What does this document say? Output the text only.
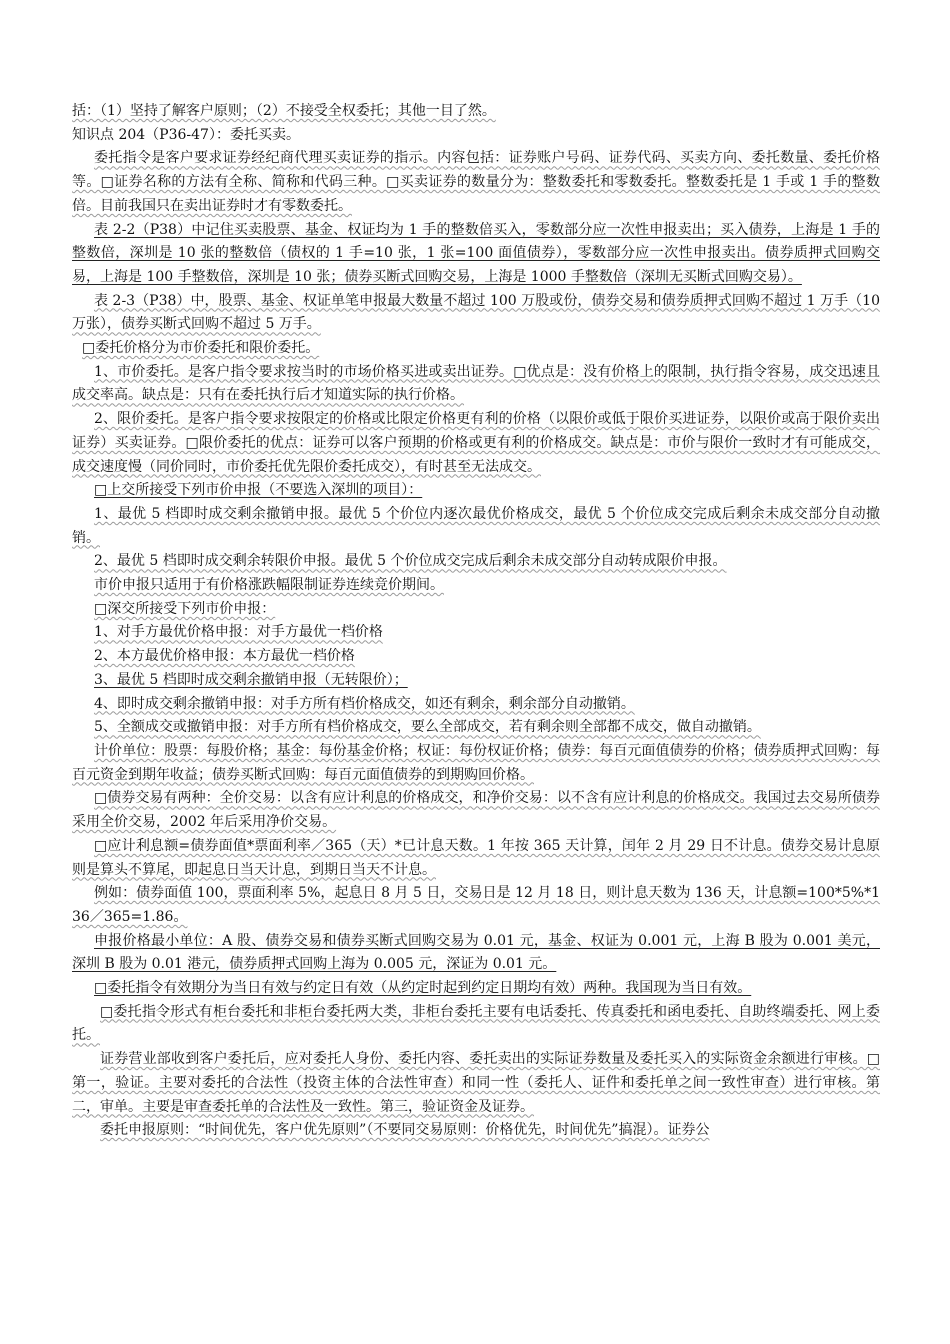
括：（1）坚持了解客户原则；（2）不接受全权委托；其他一目了然。

知识点 204（P36-47）：委托买卖。

委托指令是客户要求证券经纪商代理买卖证券的指示。内容包括：证券账户号码、证券代码、买卖方向、委托数量、委托价格等。□证券名称的方法有全称、简称和代码三种。□买卖证券的数量分为：整数委托和零数委托。整数委托是 1 手或 1 手的整数倍。目前我国只在卖出证券时才有零数委托。

表 2-2（P38）中记住买卖股票、基金、权证均为 1 手的整数倍买入，零数部分应一次性申报卖出；买入债券，上海是 1 手的整数倍，深圳是 10 张的整数倍（债权的 1 手=10 张，1 张=100 面值债券），零数部分应一次性申报卖出。债券质押式回购交易，上海是 100 手整数倍，深圳是 10 张；债券买断式回购交易，上海是 1000 手整数倍（深圳无买断式回购交易）。

表 2-3（P38）中，股票、基金、权证单笔申报最大数量不超过 100 万股或份，债券交易和债券质押式回购不超过 1 万手（10 万张），债券买断式回购不超过 5 万手。

□委托价格分为市价委托和限价委托。

1、市价委托。是客户指令要求按当时的市场价格买进或卖出证券。□优点是：没有价格上的限制，执行指令容易，成交迅速且成交率高。缺点是：只有在委托执行后才知道实际的执行价格。

2、限价委托。是客户指令要求按限定的价格或比限定价格更有利的价格（以限价或低于限价买进证券，以限价或高于限价卖出证券）买卖证券。□限价委托的优点：证券可以客户预期的价格或更有利的价格成交。缺点是：市价与限价一致时才有可能成交，成交速度慢（同价同时，市价委托优先限价委托成交），有时甚至无法成交。

□上交所接受下列市价申报（不要选入深圳的项目）：

1、最优 5 档即时成交剩余撤销申报。最优 5 个价位内逐次最优价格成交，最优 5 个价位成交完成后剩余未成交部分自动撤销。

2、最优 5 档即时成交剩余转限价申报。最优 5 个价位成交完成后剩余未成交部分自动转成限价申报。

市价申报只适用于有价格涨跌幅限制证券连续竞价期间。

□深交所接受下列市价申报：

1、对手方最优价格申报：对手方最优一档价格

2、本方最优价格申报：本方最优一档价格

3、最优 5 档即时成交剩余撤销申报（无转限价）；

4、即时成交剩余撤销申报：对手方所有档价格成交，如还有剩余，剩余部分自动撤销。

5、全额成交或撤销申报：对手方所有档价格成交，要么全部成交，若有剩余则全部都不成交，做自动撤销。

计价单位：股票：每股价格；基金：每份基金价格；权证：每份权证价格；债券：每百元面值债券的价格；债券质押式回购：每百元资金到期年收益；债券买断式回购：每百元面值债券的到期购回价格。

□债券交易有两种：全价交易：以含有应计利息的价格成交，和净价交易：以不含有应计利息的价格成交。我国过去交易所债券采用全价交易，2002 年后采用净价交易。

□应计利息额=债券面值*票面利率／365（天）*已计息天数。1 年按 365 天计算，闰年 2 月 29 日不计息。债券交易计息原则是算头不算尾，即起息日当天计息，到期日当天不计息。

例如：债券面值 100，票面利率 5%，起息日 8 月 5 日，交易日是 12 月 18 日，则计息天数为 136 天，计息额=100*5%*136／365=1.86。

申报价格最小单位：A 股、债券交易和债券买断式回购交易为 0.01 元，基金、权证为 0.001 元，上海 B 股为 0.001 美元，深圳 B 股为 0.01 港元，债券质押式回购上海为 0.005 元，深证为 0.01 元。

□委托指令有效期分为当日有效与约定日有效（从约定时起到约定日期均有效）两种。我国现为当日有效。

□委托指令形式有柜台委托和非柜台委托两大类，非柜台委托主要有电话委托、传真委托和函电委托、自助终端委托、网上委托。

证券营业部收到客户委托后，应对委托人身份、委托内容、委托卖出的实际证券数量及委托买入的实际资金余额进行审核。□第一，验证。主要对委托的合法性（投资主体的合法性审查）和同一性（委托人、证件和委托单之间一致性审查）进行审核。第二，审单。主要是审查委托单的合法性及一致性。第三，验证资金及证券。

委托申报原则：“时间优先，客户优先原则”（不要同交易原则：价格优先，时间优先”搞混）。证券公
